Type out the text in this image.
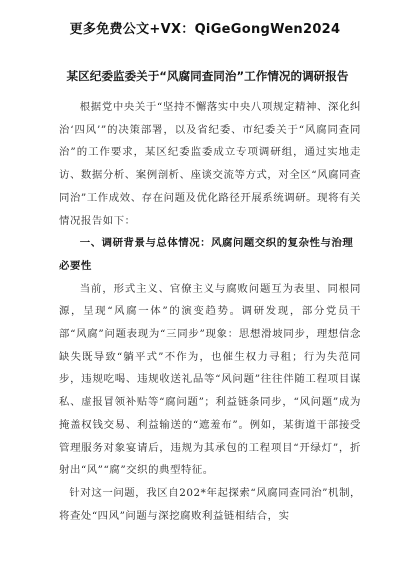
更多免费公文+VX：QiGeGongWen2024
某区纪委监委关于“风腐同查同治”工作情况的调研报告

根据党中央关于“坚持不懈落实中央八项规定精神、深化纠治‘四风’”的决策部署，以及省纪委、市纪委关于“风腐同查同治”的工作要求，某区纪委监委成立专项调研组，通过实地走访、数据分析、案例剖析、座谈交流等方式，对全区“风腐同查同治”工作成效、存在问题及优化路径开展系统调研。现将有关情况报告如下：

一、调研背景与总体情况：风腐问题交织的复杂性与治理必要性

当前，形式主义、官僚主义与腐败问题互为表里、同根同源，呈现“风腐一体”的演变趋势。调研发现，部分党员干部“风腐”问题表现为“三同步”现象：思想滑坡同步，理想信念缺失既导致“躺平式”不作为，也催生权力寻租；行为失范同步，违规吃喝、违规收送礼品等“风问题”往往伴随工程项目谋私、虚报冒领补贴等“腐问题”；利益链条同步，“风问题”成为掩盖权钱交易、利益输送的“遮羞布”。例如，某街道干部接受管理服务对象宴请后，违规为其承包的工程项目“开绿灯”，折射出“风”“腐”交织的典型特征。

针对这一问题，我区自202*年起探索“风腐同查同治”机制，将查处“四风”问题与深挖腐败利益链相结合，实
